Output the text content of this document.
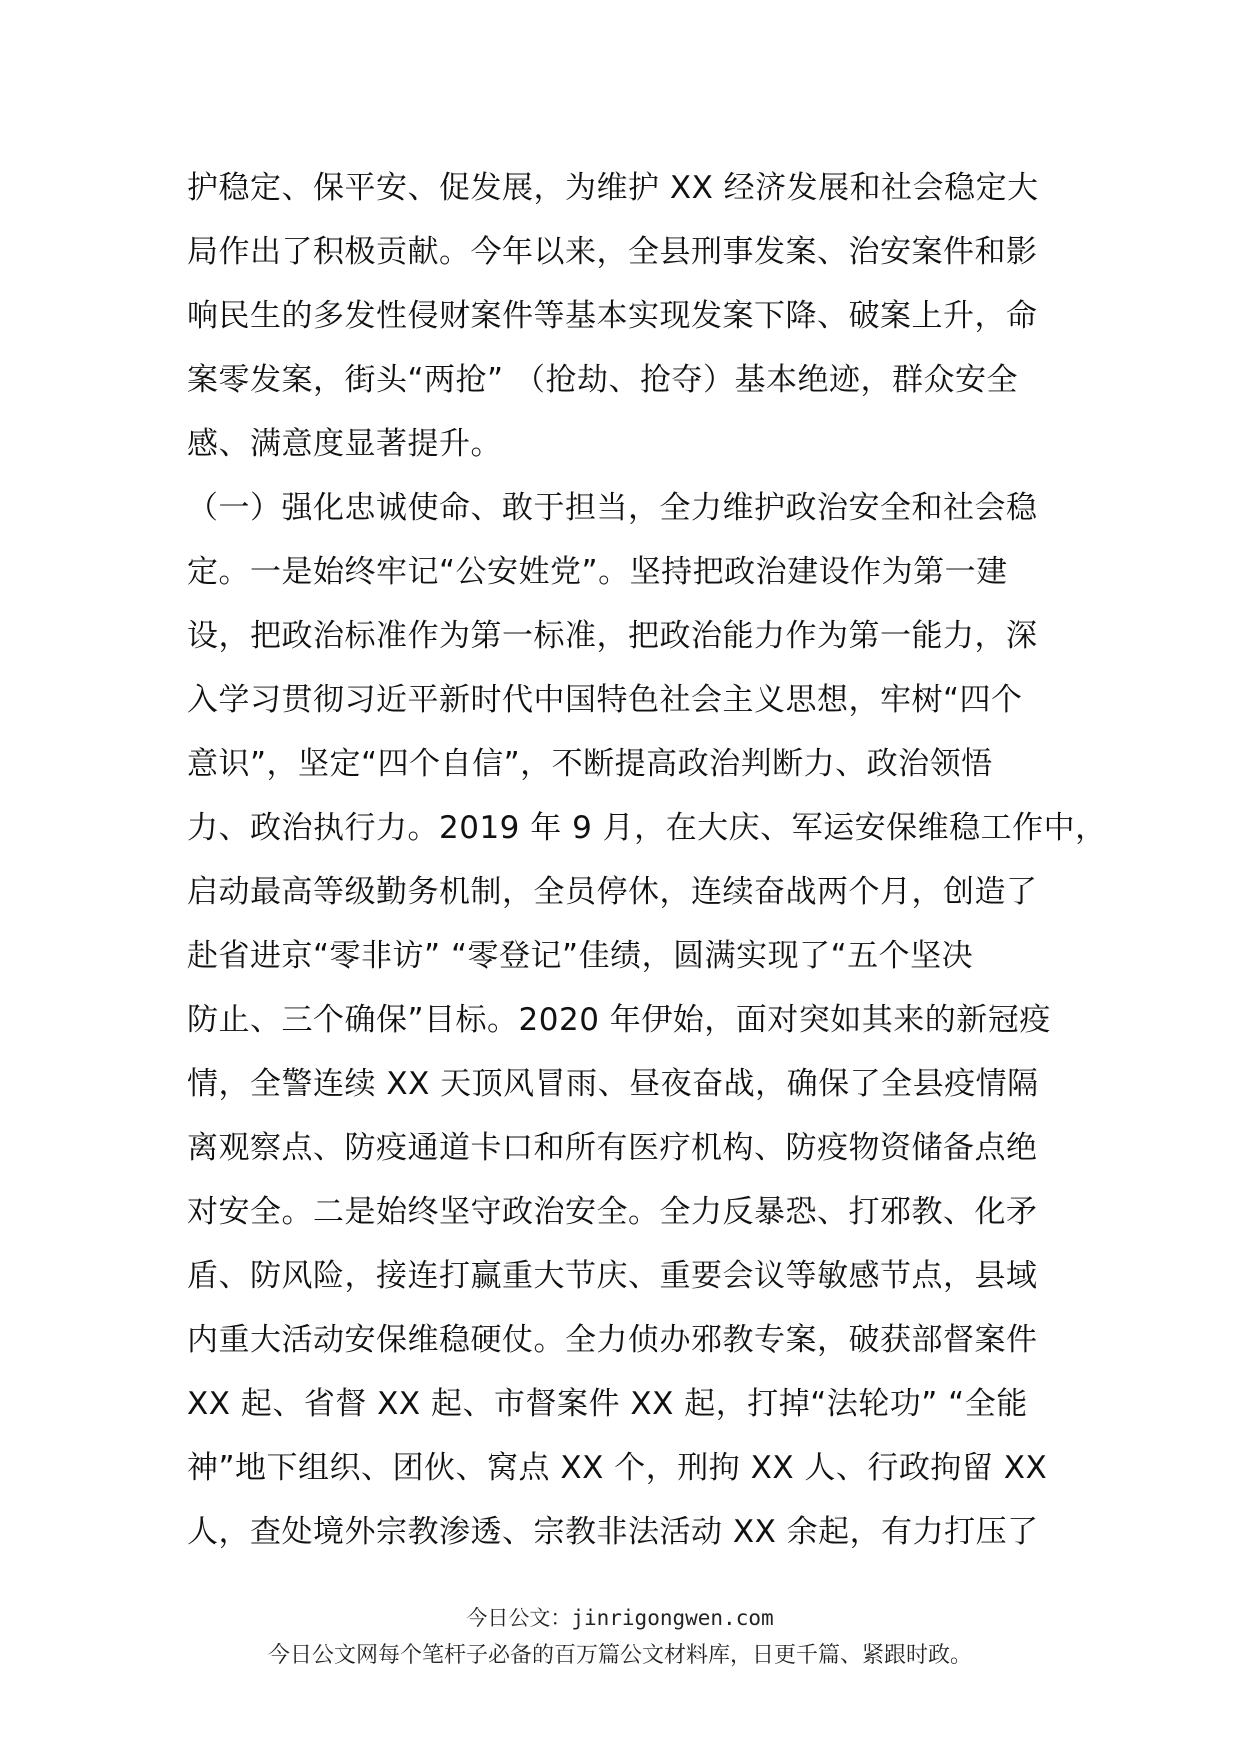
护稳定、保平安、促发展，为维护 XX 经济发展和社会稳定大
局作出了积极贡献。今年以来，全县刑事发案、治安案件和影
响民生的多发性侵财案件等基本实现发案下降、破案上升，命
案零发案，街头“两抢” （抢劫、抢夺）基本绝迹，群众安全
感、满意度显著提升。
（一）强化忠诚使命、敢于担当，全力维护政治安全和社会稳
定。一是始终牢记“公安姓党”。坚持把政治建设作为第一建
设，把政治标准作为第一标准，把政治能力作为第一能力，深
入学习贯彻习近平新时代中国特色社会主义思想，牢树“四个
意识”，坚定“四个自信”，不断提高政治判断力、政治领悟
力、政治执行力。2019 年 9 月，在大庆、军运安保维稳工作中，
启动最高等级勤务机制，全员停休，连续奋战两个月，创造了
赴省进京“零非访” “零登记”佳绩，圆满实现了“五个坚决
防止、三个确保”目标。2020 年伊始，面对突如其来的新冠疫
情，全警连续 XX 天顶风冒雨、昼夜奋战，确保了全县疫情隔
离观察点、防疫通道卡口和所有医疗机构、防疫物资储备点绝
对安全。二是始终坚守政治安全。全力反暴恐、打邪教、化矛
盾、防风险，接连打赢重大节庆、重要会议等敏感节点，县域
内重大活动安保维稳硬仗。全力侦办邪教专案，破获部督案件
XX 起、省督 XX 起、市督案件 XX 起，打掉“法轮功” “全能
神”地下组织、团伙、窝点 XX 个，刑拘 XX 人、行政拘留 XX
人，查处境外宗教渗透、宗教非法活动 XX 余起，有力打压了
今日公文：jinrigongwen.com
今日公文网每个笔杆子必备的百万篇公文材料库，日更千篇、紧跟时政。
